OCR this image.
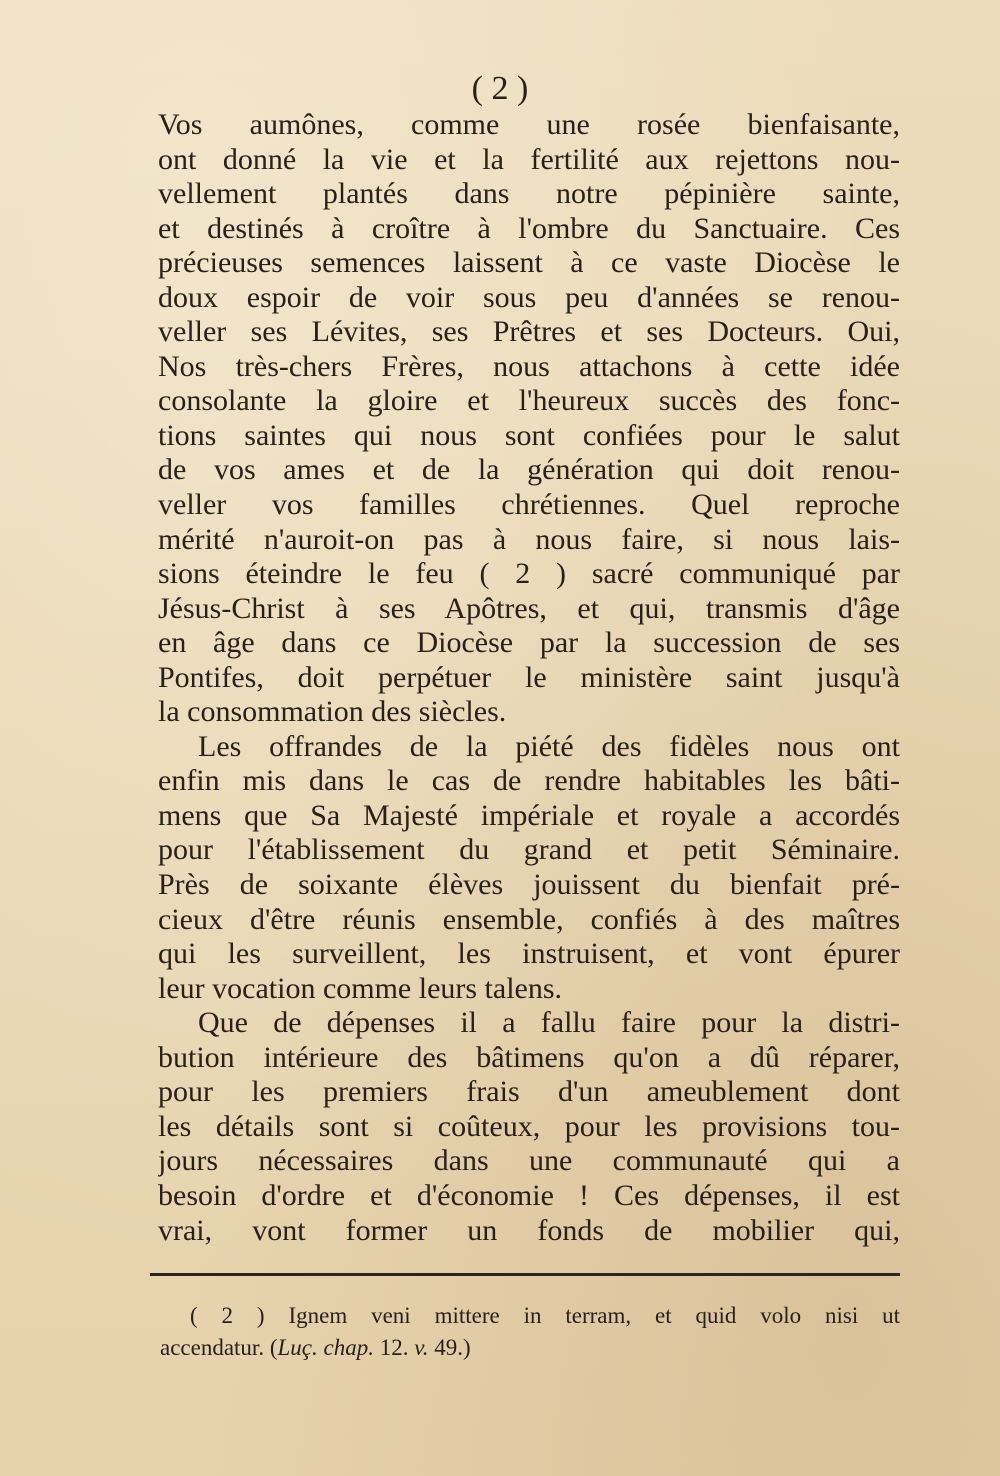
( 2 )
Vos aumônes, comme une rosée bienfaisante,
ont donné la vie et la fertilité aux rejettons nou-
vellement plantés dans notre pépinière sainte,
et destinés à croître à l'ombre du Sanctuaire. Ces
précieuses semences laissent à ce vaste Diocèse le
doux espoir de voir sous peu d'années se renou-
veller ses Lévites, ses Prêtres et ses Docteurs. Oui,
Nos très-chers Frères, nous attachons à cette idée
consolante la gloire et l'heureux succès des fonc-
tions saintes qui nous sont confiées pour le salut
de vos ames et de la génération qui doit renou-
veller vos familles chrétiennes. Quel reproche
mérité n'auroit-on pas à nous faire, si nous lais-
sions éteindre le feu ( 2 ) sacré communiqué par
Jésus-Christ à ses Apôtres, et qui, transmis d'âge
en âge dans ce Diocèse par la succession de ses
Pontifes, doit perpétuer le ministère saint jusqu'à
la consommation des siècles.
Les offrandes de la piété des fidèles nous ont
enfin mis dans le cas de rendre habitables les bâti-
mens que Sa Majesté impériale et royale a accordés
pour l'établissement du grand et petit Séminaire.
Près de soixante élèves jouissent du bienfait pré-
cieux d'être réunis ensemble, confiés à des maîtres
qui les surveillent, les instruisent, et vont épurer
leur vocation comme leurs talens.
Que de dépenses il a fallu faire pour la distri-
bution intérieure des bâtimens qu'on a dû réparer,
pour les premiers frais d'un ameublement dont
les détails sont si coûteux, pour les provisions tou-
jours nécessaires dans une communauté qui a
besoin d'ordre et d'économie ! Ces dépenses, il est
vrai, vont former un fonds de mobilier qui,
( 2 ) Ignem veni mittere in terram, et quid volo nisi ut
accendatur. (Luç. chap. 12. v. 49.)
